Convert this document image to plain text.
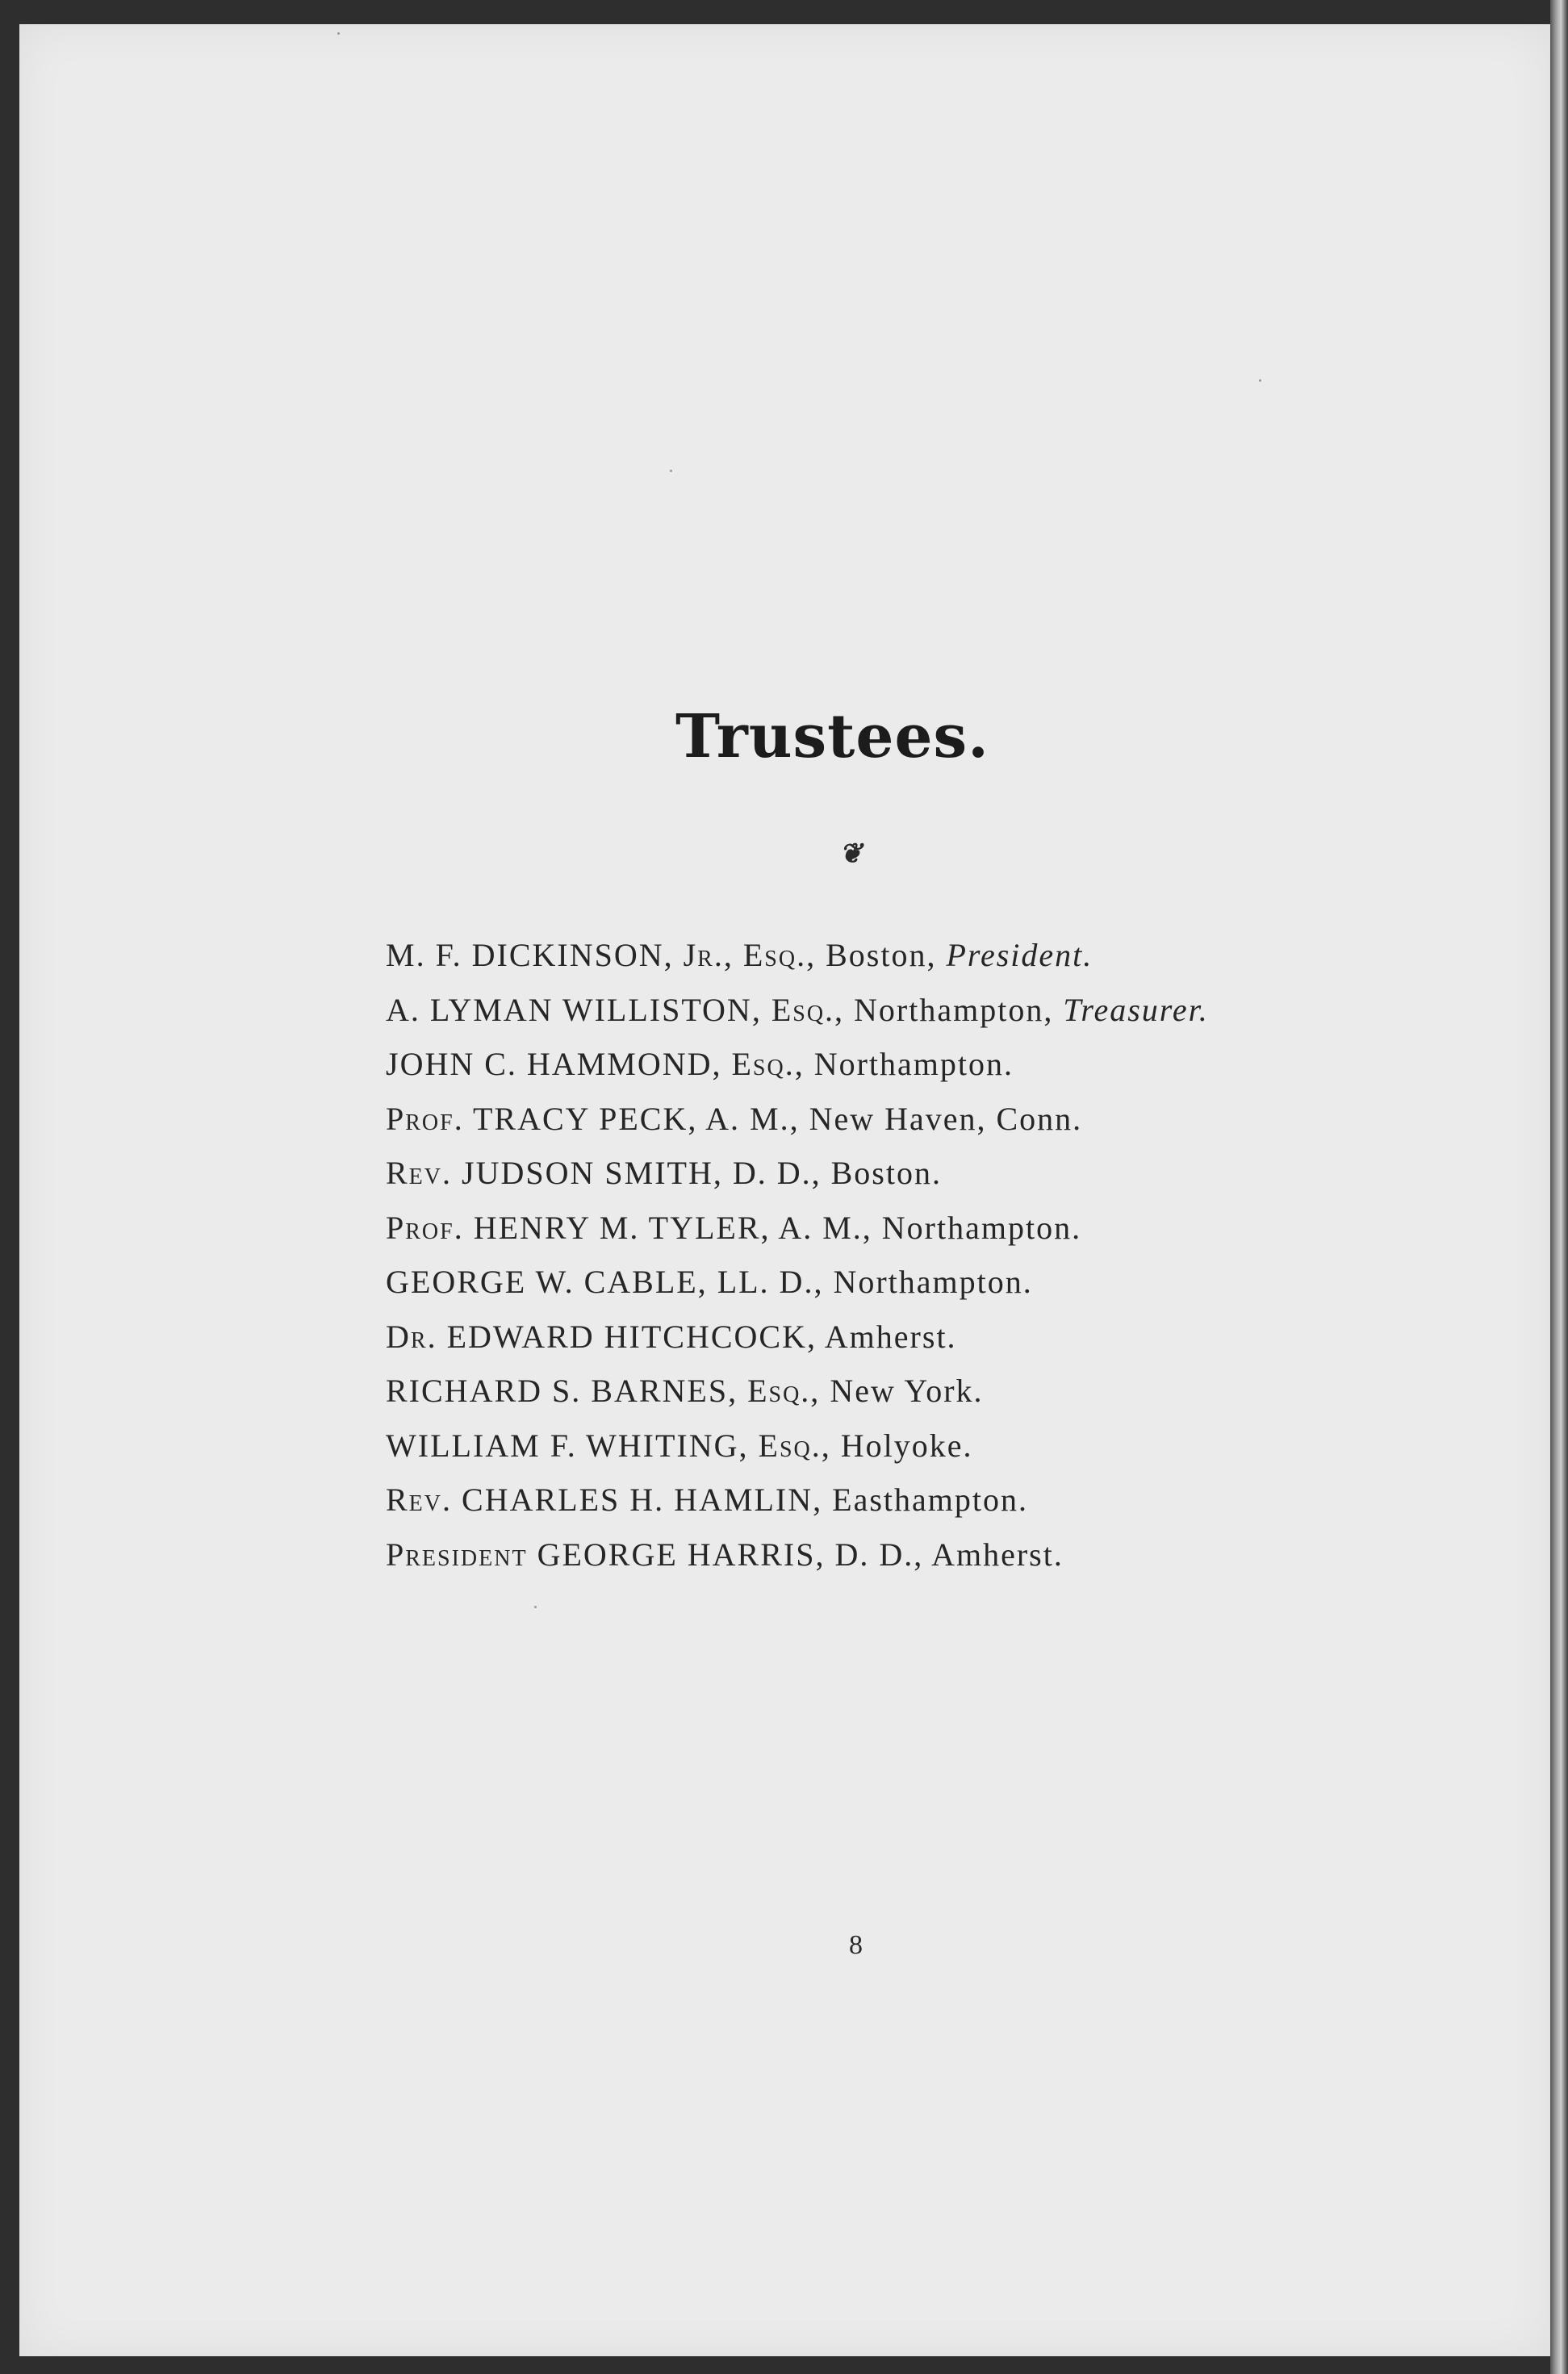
Trustees.
❦
M. F. DICKINSON, Jr., Esq., Boston, President.
A. LYMAN WILLISTON, Esq., Northampton, Treasurer.
JOHN C. HAMMOND, Esq., Northampton.
Prof. TRACY PECK, A. M., New Haven, Conn.
Rev. JUDSON SMITH, D. D., Boston.
Prof. HENRY M. TYLER, A. M., Northampton.
GEORGE W. CABLE, LL. D., Northampton.
Dr. EDWARD HITCHCOCK, Amherst.
RICHARD S. BARNES, Esq., New York.
WILLIAM F. WHITING, Esq., Holyoke.
Rev. CHARLES H. HAMLIN, Easthampton.
President GEORGE HARRIS, D. D., Amherst.
8
